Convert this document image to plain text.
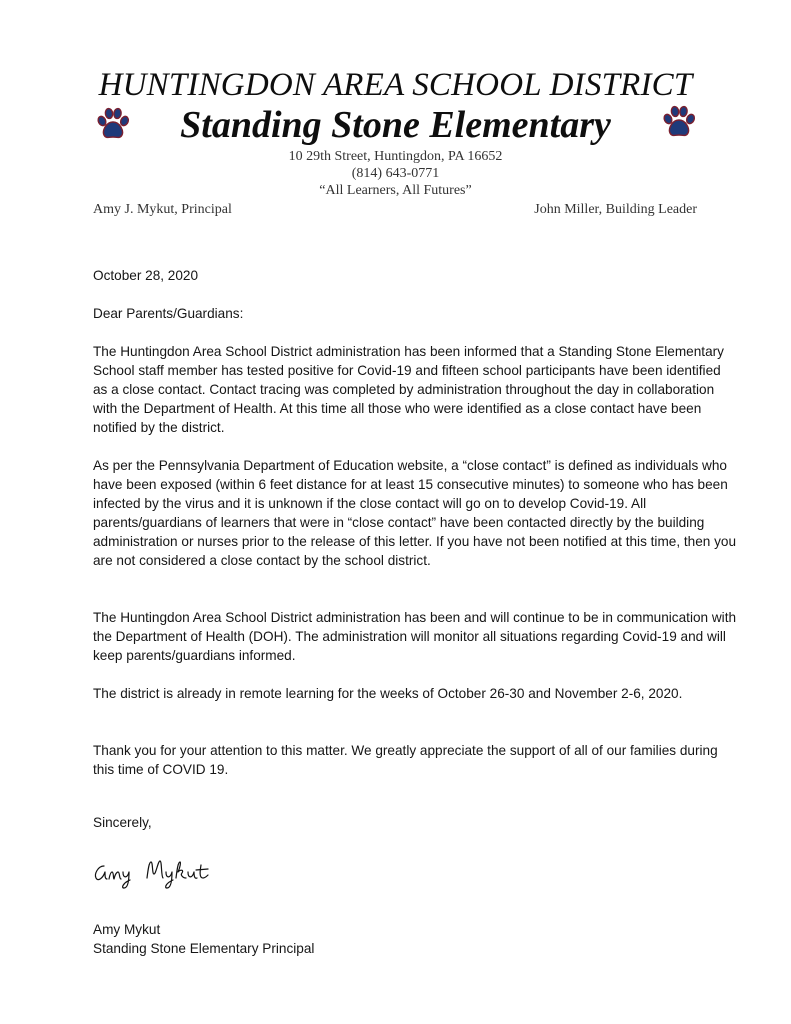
HUNTINGDON AREA SCHOOL DISTRICT
Standing Stone Elementary
10 29th Street, Huntingdon, PA 16652
(814) 643-0771
“All Learners, All Futures”
Amy J. Mykut, Principal	John Miller, Building Leader
October 28, 2020
Dear Parents/Guardians:

The Huntingdon Area School District administration has been informed that a Standing Stone Elementary School staff member has tested positive for Covid-19 and fifteen school participants have been identified as a close contact. Contact tracing was completed by administration throughout the day in collaboration with the Department of Health. At this time all those who were identified as a close contact have been notified by the district.

As per the Pennsylvania Department of Education website, a “close contact” is defined as individuals who have been exposed (within 6 feet distance for at least 15 consecutive minutes) to someone who has been infected by the virus and it is unknown if the close contact will go on to develop Covid-19. All parents/guardians of learners that were in “close contact” have been contacted directly by the building administration or nurses prior to the release of this letter. If you have not been notified at this time, then you are not considered a close contact by the school district.

The Huntingdon Area School District administration has been and will continue to be in communication with the Department of Health (DOH). The administration will monitor all situations regarding Covid-19 and will keep parents/guardians informed.

The district is already in remote learning for the weeks of October 26-30 and November 2-6, 2020.

Thank you for your attention to this matter. We greatly appreciate the support of all of our families during this time of COVID 19.

Sincerely,
Amy Mykut
Standing Stone Elementary Principal
